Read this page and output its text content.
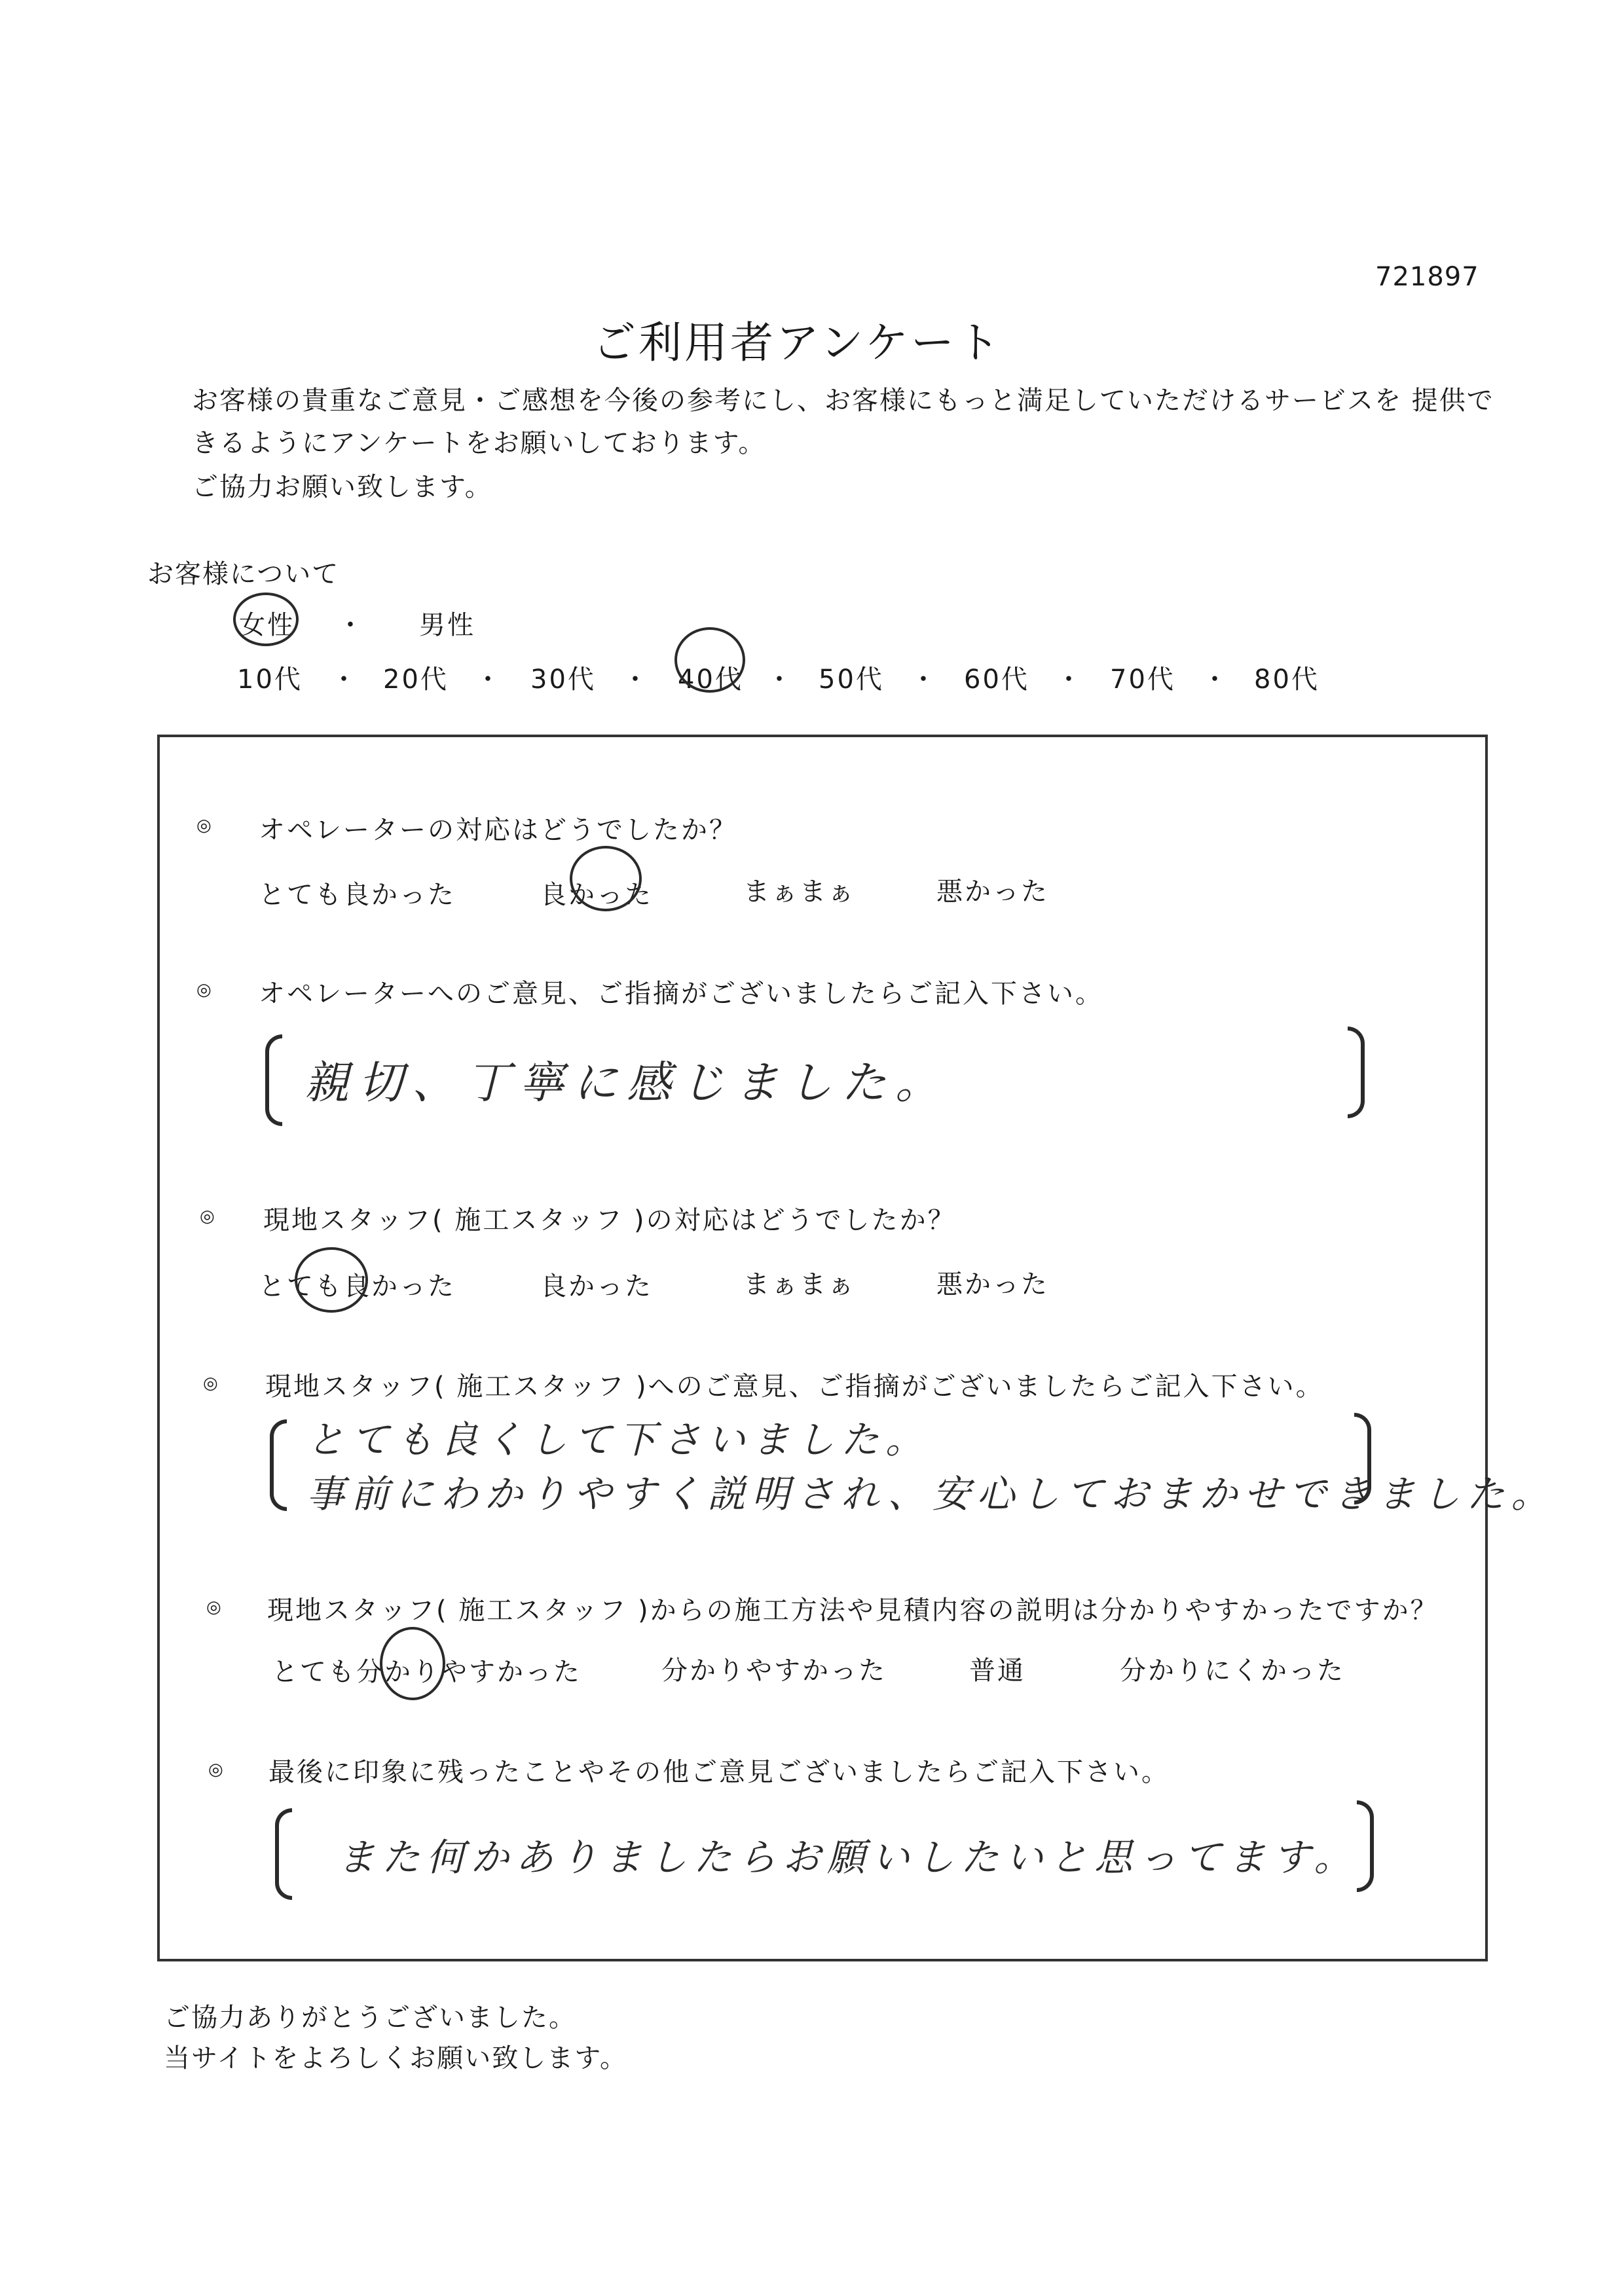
721897
ご利用者アンケート
お客様の貴重なご意見・ご感想を今後の参考にし、お客様にもっと満足していただけるサービスを 提供で
きるようにアンケートをお願いしております。
ご協力お願い致します。
お客様について
女性 ・ 男性
10代 ・ 20代 ・ 30代 ・ 40代 ・ 50代 ・ 60代 ・ 70代 ・ 80代
◎ オペレーターの対応はどうでしたか？
とても良かった	良かった	まぁまぁ	悪かった
◎ オペレーターへのご意見、ご指摘がございましたらご記入下さい。
親切、丁寧に感じました。
◎ 現地スタッフ( 施工スタッフ )の対応はどうでしたか？
とても良かった	良かった	まぁまぁ	悪かった
◎ 現地スタッフ( 施工スタッフ )へのご意見、ご指摘がございましたらご記入下さい。
とても良くして下さいました。
事前にわかりやすく説明され、安心しておまかせできました。
◎ 現地スタッフ( 施工スタッフ )からの施工方法や見積内容の説明は分かりやすかったですか？
とても分かりやすかった	分かりやすかった	普通	分かりにくかった
◎ 最後に印象に残ったことやその他ご意見ございましたらご記入下さい。
また何かありましたらお願いしたいと思ってます。
ご協力ありがとうございました。
当サイトをよろしくお願い致します。
